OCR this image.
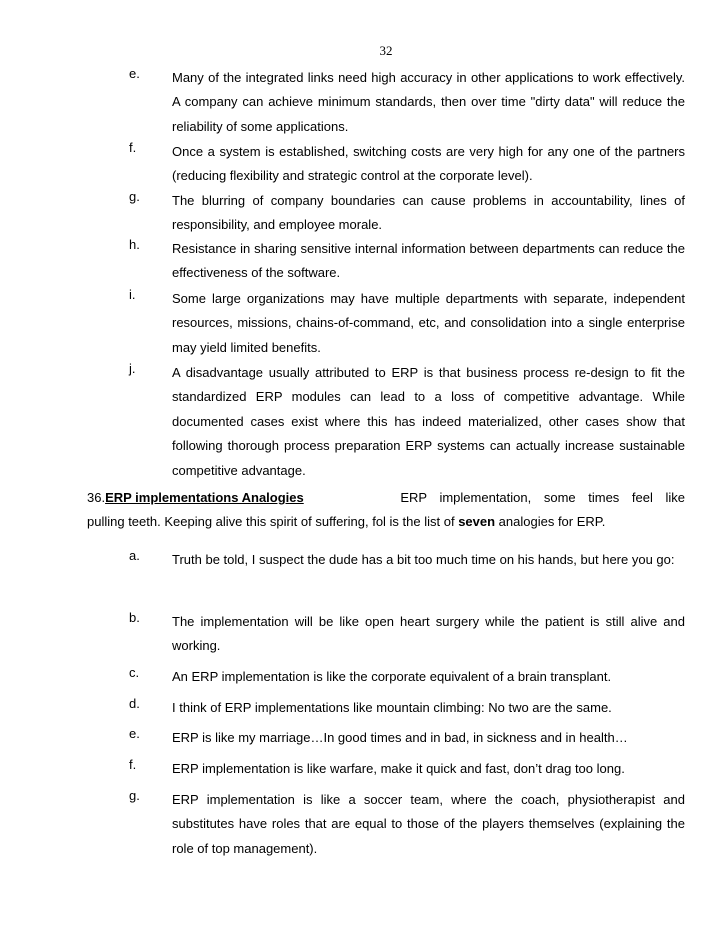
32
e. Many of the integrated links need high accuracy in other applications to work effectively. A company can achieve minimum standards, then over time "dirty data" will reduce the reliability of some applications.
f.	Once a system is established, switching costs are very high for any one of the partners (reducing flexibility and strategic control at the corporate level).
g. The blurring of company boundaries can cause problems in accountability, lines of responsibility, and employee morale.
h. Resistance in sharing sensitive internal information between departments can reduce the effectiveness of the software.
i.	Some large organizations may have multiple departments with separate, independent resources, missions, chains-of-command, etc, and consolidation into a single enterprise may yield limited benefits.
j.	A disadvantage usually attributed to ERP is that business process re-design to fit the standardized ERP modules can lead to a loss of competitive advantage. While documented cases exist where this has indeed materialized, other cases show that following thorough process preparation ERP systems can actually increase sustainable competitive advantage.
36.ERP implementations Analogies	ERP implementation, some times feel like
pulling teeth. Keeping alive this spirit of suffering, fol is the list of seven analogies for ERP.
a. Truth be told, I suspect the dude has a bit too much time on his hands, but here you go:
b. The implementation will be like open heart surgery while the patient is still alive and working.
c.	An ERP implementation is like the corporate equivalent of a brain transplant.
d. I think of ERP implementations like mountain climbing: No two are the same.
e. ERP is like my marriage…In good times and in bad, in sickness and in health…
f.	ERP implementation is like warfare, make it quick and fast, don’t drag too long.
g. ERP implementation is like a soccer team, where the coach, physiotherapist and substitutes have roles that are equal to those of the players themselves (explaining the role of top management).
